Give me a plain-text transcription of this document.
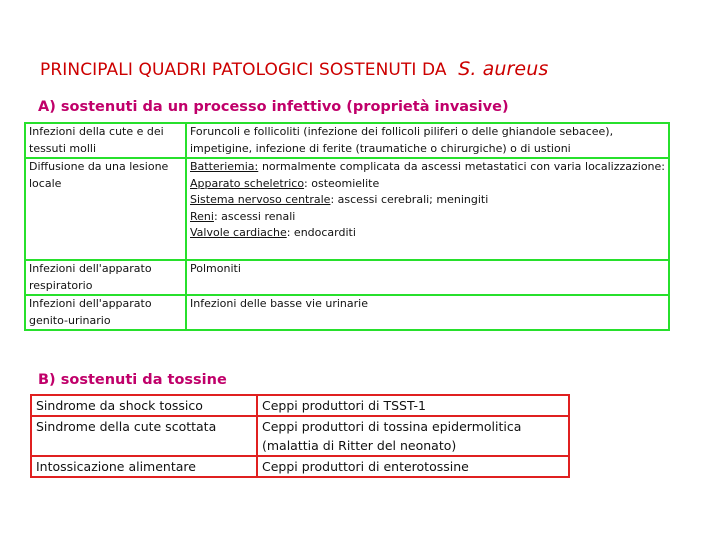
PRINCIPALI QUADRI PATOLOGICI SOSTENUTI DA S. aureus
A) sostenuti da un processo infettivo (proprietà invasive)
Infezioni della cute e dei tessuti molli	Foruncoli e follicoliti (infezione dei follicoli piliferi o delle ghiandole sebacee), impetigine, infezione di ferite (traumatiche o chirurgiche) o di ustioni
Diffusione da una lesione locale	Batteriemia: normalmente complicata da ascessi metastatici con varia localizzazione:
Apparato scheletrico: osteomielite
Sistema nervoso centrale: ascessi cerebrali; meningiti
Reni: ascessi renali
Valvole cardiache: endocarditi

Infezioni dell'apparato respiratorio	Polmoniti
Infezioni dell'apparato genito-urinario	Infezioni delle basse vie urinarie
B) sostenuti da tossine
Sindrome da shock tossico	Ceppi produttori di TSST-1
Sindrome della cute scottata	Ceppi produttori di tossina epidermolitica (malattia di Ritter del neonato)
Intossicazione alimentare	Ceppi produttori di enterotossine
